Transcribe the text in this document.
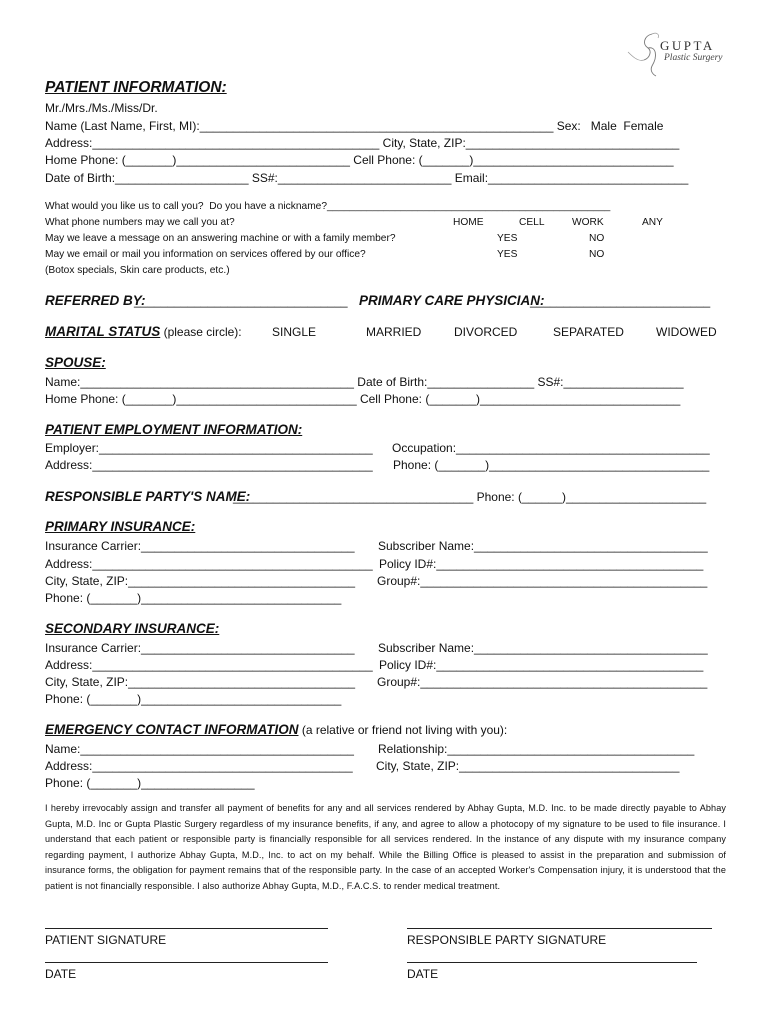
GUPTA
Plastic Surgery
PATIENT INFORMATION:
Mr./Mrs./Ms./Miss/Dr.
Name (Last Name, First, MI):_____________________________________________________ Sex:   Male  Female
Address:___________________________________________ City, State, ZIP:________________________________
Home Phone: (_______)__________________________ Cell Phone: (_______)______________________________
Date of Birth:____________________ SS#:__________________________ Email:______________________________
What would you like us to call you?  Do you have a nickname?__________________________________________________
What phone numbers may we call you at?	HOME	CELL	WORK	ANY
May we leave a message on an answering machine or with a family member?	YES	NO
May we email or mail you information on services offered by our office?	YES	NO
(Botox specials, Skin care products, etc.)
REFERRED BY:
________________________________ PRIMARY CARE PHYSICIAN:
___________________________
MARITAL STATUS (please circle):	SINGLE	MARRIED	DIVORCED	SEPARATED	WIDOWED
SPOUSE:
Name:_________________________________________ Date of Birth:________________ SS#:__________________
Home Phone: (_______)___________________________ Cell Phone: (_______)______________________________
PATIENT EMPLOYMENT INFORMATION:
Employer:_________________________________________ Occupation:______________________________________
Address:__________________________________________ Phone: (_______)_________________________________
RESPONSIBLE PARTY'S NAME:
____________________________________ Phone: (______)_____________________
PRIMARY INSURANCE:
Insurance Carrier:________________________________ Subscriber Name:___________________________________
Address:__________________________________________ Policy ID#:________________________________________
City, State, ZIP:__________________________________ Group#:___________________________________________
Phone: (_______)______________________________
SECONDARY INSURANCE:
Insurance Carrier:________________________________ Subscriber Name:___________________________________
Address:__________________________________________ Policy ID#:________________________________________
City, State, ZIP:__________________________________ Group#:___________________________________________
Phone: (_______)______________________________
EMERGENCY CONTACT INFORMATION (a relative or friend not living with you):
Name:_________________________________________ Relationship:_____________________________________
Address:_______________________________________ City, State, ZIP:_________________________________
Phone: (_______)_________________
I hereby irrevocably assign and transfer all payment of benefits for any and all services rendered by Abhay Gupta, M.D. Inc. to be made directly payable to Abhay Gupta, M.D. Inc or Gupta Plastic Surgery regardless of my insurance benefits, if any, and agree to allow a photocopy of my signature to be used to file insurance. I understand that each patient or responsible party is financially responsible for all services rendered. In the instance of any dispute with my insurance company regarding payment, I authorize Abhay Gupta, M.D., Inc. to act on my behalf. While the Billing Office is pleased to assist in the preparation and submission of insurance forms, the obligation for payment remains that of the responsible party. In the case of an accepted Worker's Compensation injury, it is understood that the patient is not financially responsible. I also authorize Abhay Gupta, M.D., F.A.C.S. to render medical treatment.
PATIENT SIGNATURE	RESPONSIBLE PARTY SIGNATURE
DATE	DATE
